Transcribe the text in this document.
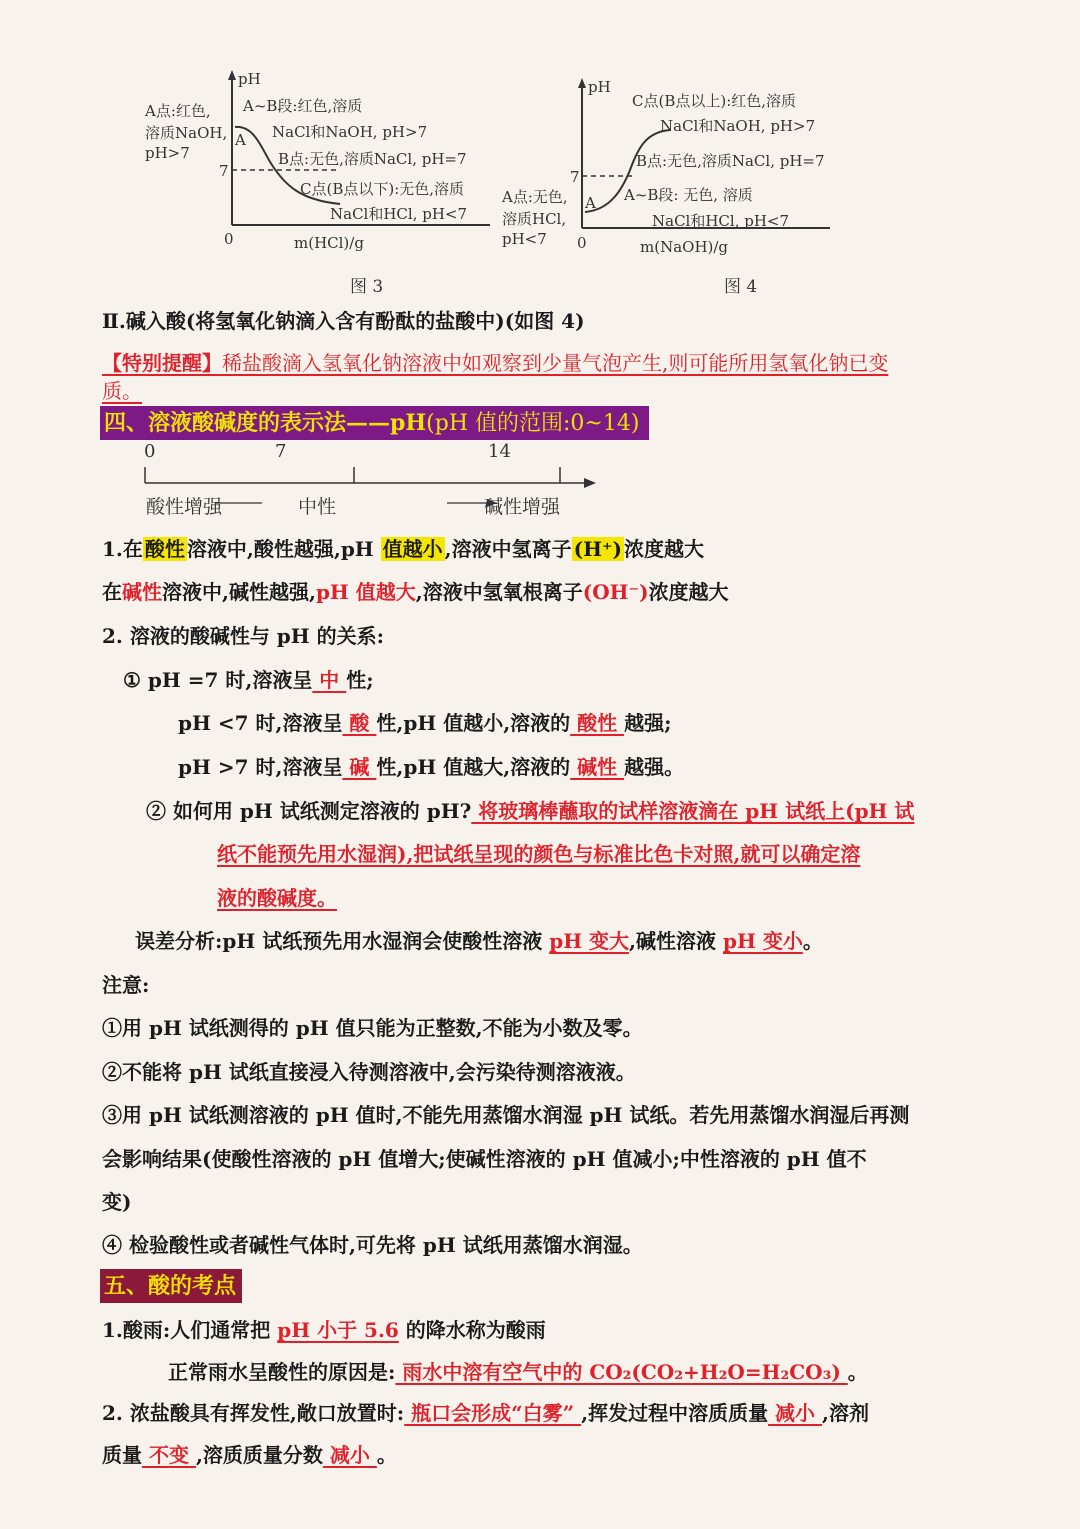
pH
m(HCl)/g
0
7
A
A点:红色,
溶质NaOH,
pH>7
A~B段:红色,溶质
NaCl和NaOH, pH>7
B点:无色,溶质NaCl, pH=7
C点(B点以下):无色,溶质
NaCl和HCl, pH<7
图 3
pH
m(NaOH)/g
0
7
A
C点(B点以上):红色,溶质
NaCl和NaOH, pH>7
B点:无色,溶质NaCl, pH=7
A~B段: 无色, 溶质
NaCl和HCl, pH<7
A点:无色,
溶质HCl,
pH<7
图 4
Ⅱ.碱入酸(将氢氧化钠滴入含有酚酞的盐酸中)(如图 4)
【特别提醒】稀盐酸滴入氢氧化钠溶液中如观察到少量气泡产生,则可能所用氢氧化钠已变
质。
四、溶液酸碱度的表示法——pH(pH 值的范围:0~14)
0	7	14
酸性增强	中性	碱性增强
1.在 酸性 溶液中,酸性越强,pH 值越小 ,溶液中氢离子 (H⁺) 浓度越大
在碱性溶液中,碱性越强,pH 值越大,溶液中氢氧根离子(OH⁻)浓度越大
2. 溶液的酸碱性与 pH 的关系:
① pH =7 时,溶液呈 中 性;
pH <7 时,溶液呈 酸 性,pH 值越小,溶液的 酸性 越强;
pH >7 时,溶液呈 碱 性,pH 值越大,溶液的 碱性 越强。
② 如何用 pH 试纸测定溶液的 pH? 将玻璃棒蘸取的试样溶液滴在 pH 试纸上(pH 试
纸不能预先用水湿润),把试纸呈现的颜色与标准比色卡对照,就可以确定溶
液的酸碱度。
误差分析:pH 试纸预先用水湿润会使酸性溶液 pH 变大,碱性溶液 pH 变小。
注意:
①用 pH 试纸测得的 pH 值只能为正整数,不能为小数及零。
②不能将 pH 试纸直接浸入待测溶液中,会污染待测溶液液。
③用 pH 试纸测溶液的 pH 值时,不能先用蒸馏水润湿 pH 试纸。若先用蒸馏水润湿后再测
会影响结果(使酸性溶液的 pH 值增大;使碱性溶液的 pH 值减小;中性溶液的 pH 值不
变)
④ 检验酸性或者碱性气体时,可先将 pH 试纸用蒸馏水润湿。
五、酸的考点
1.酸雨:人们通常把 pH 小于 5.6 的降水称为酸雨
正常雨水呈酸性的原因是: 雨水中溶有空气中的 CO₂(CO₂+H₂O=H₂CO₃) 。
2. 浓盐酸具有挥发性,敞口放置时: 瓶口会形成“白雾” ,挥发过程中溶质质量 减小 ,溶剂
质量 不变 ,溶质质量分数 减小 。
